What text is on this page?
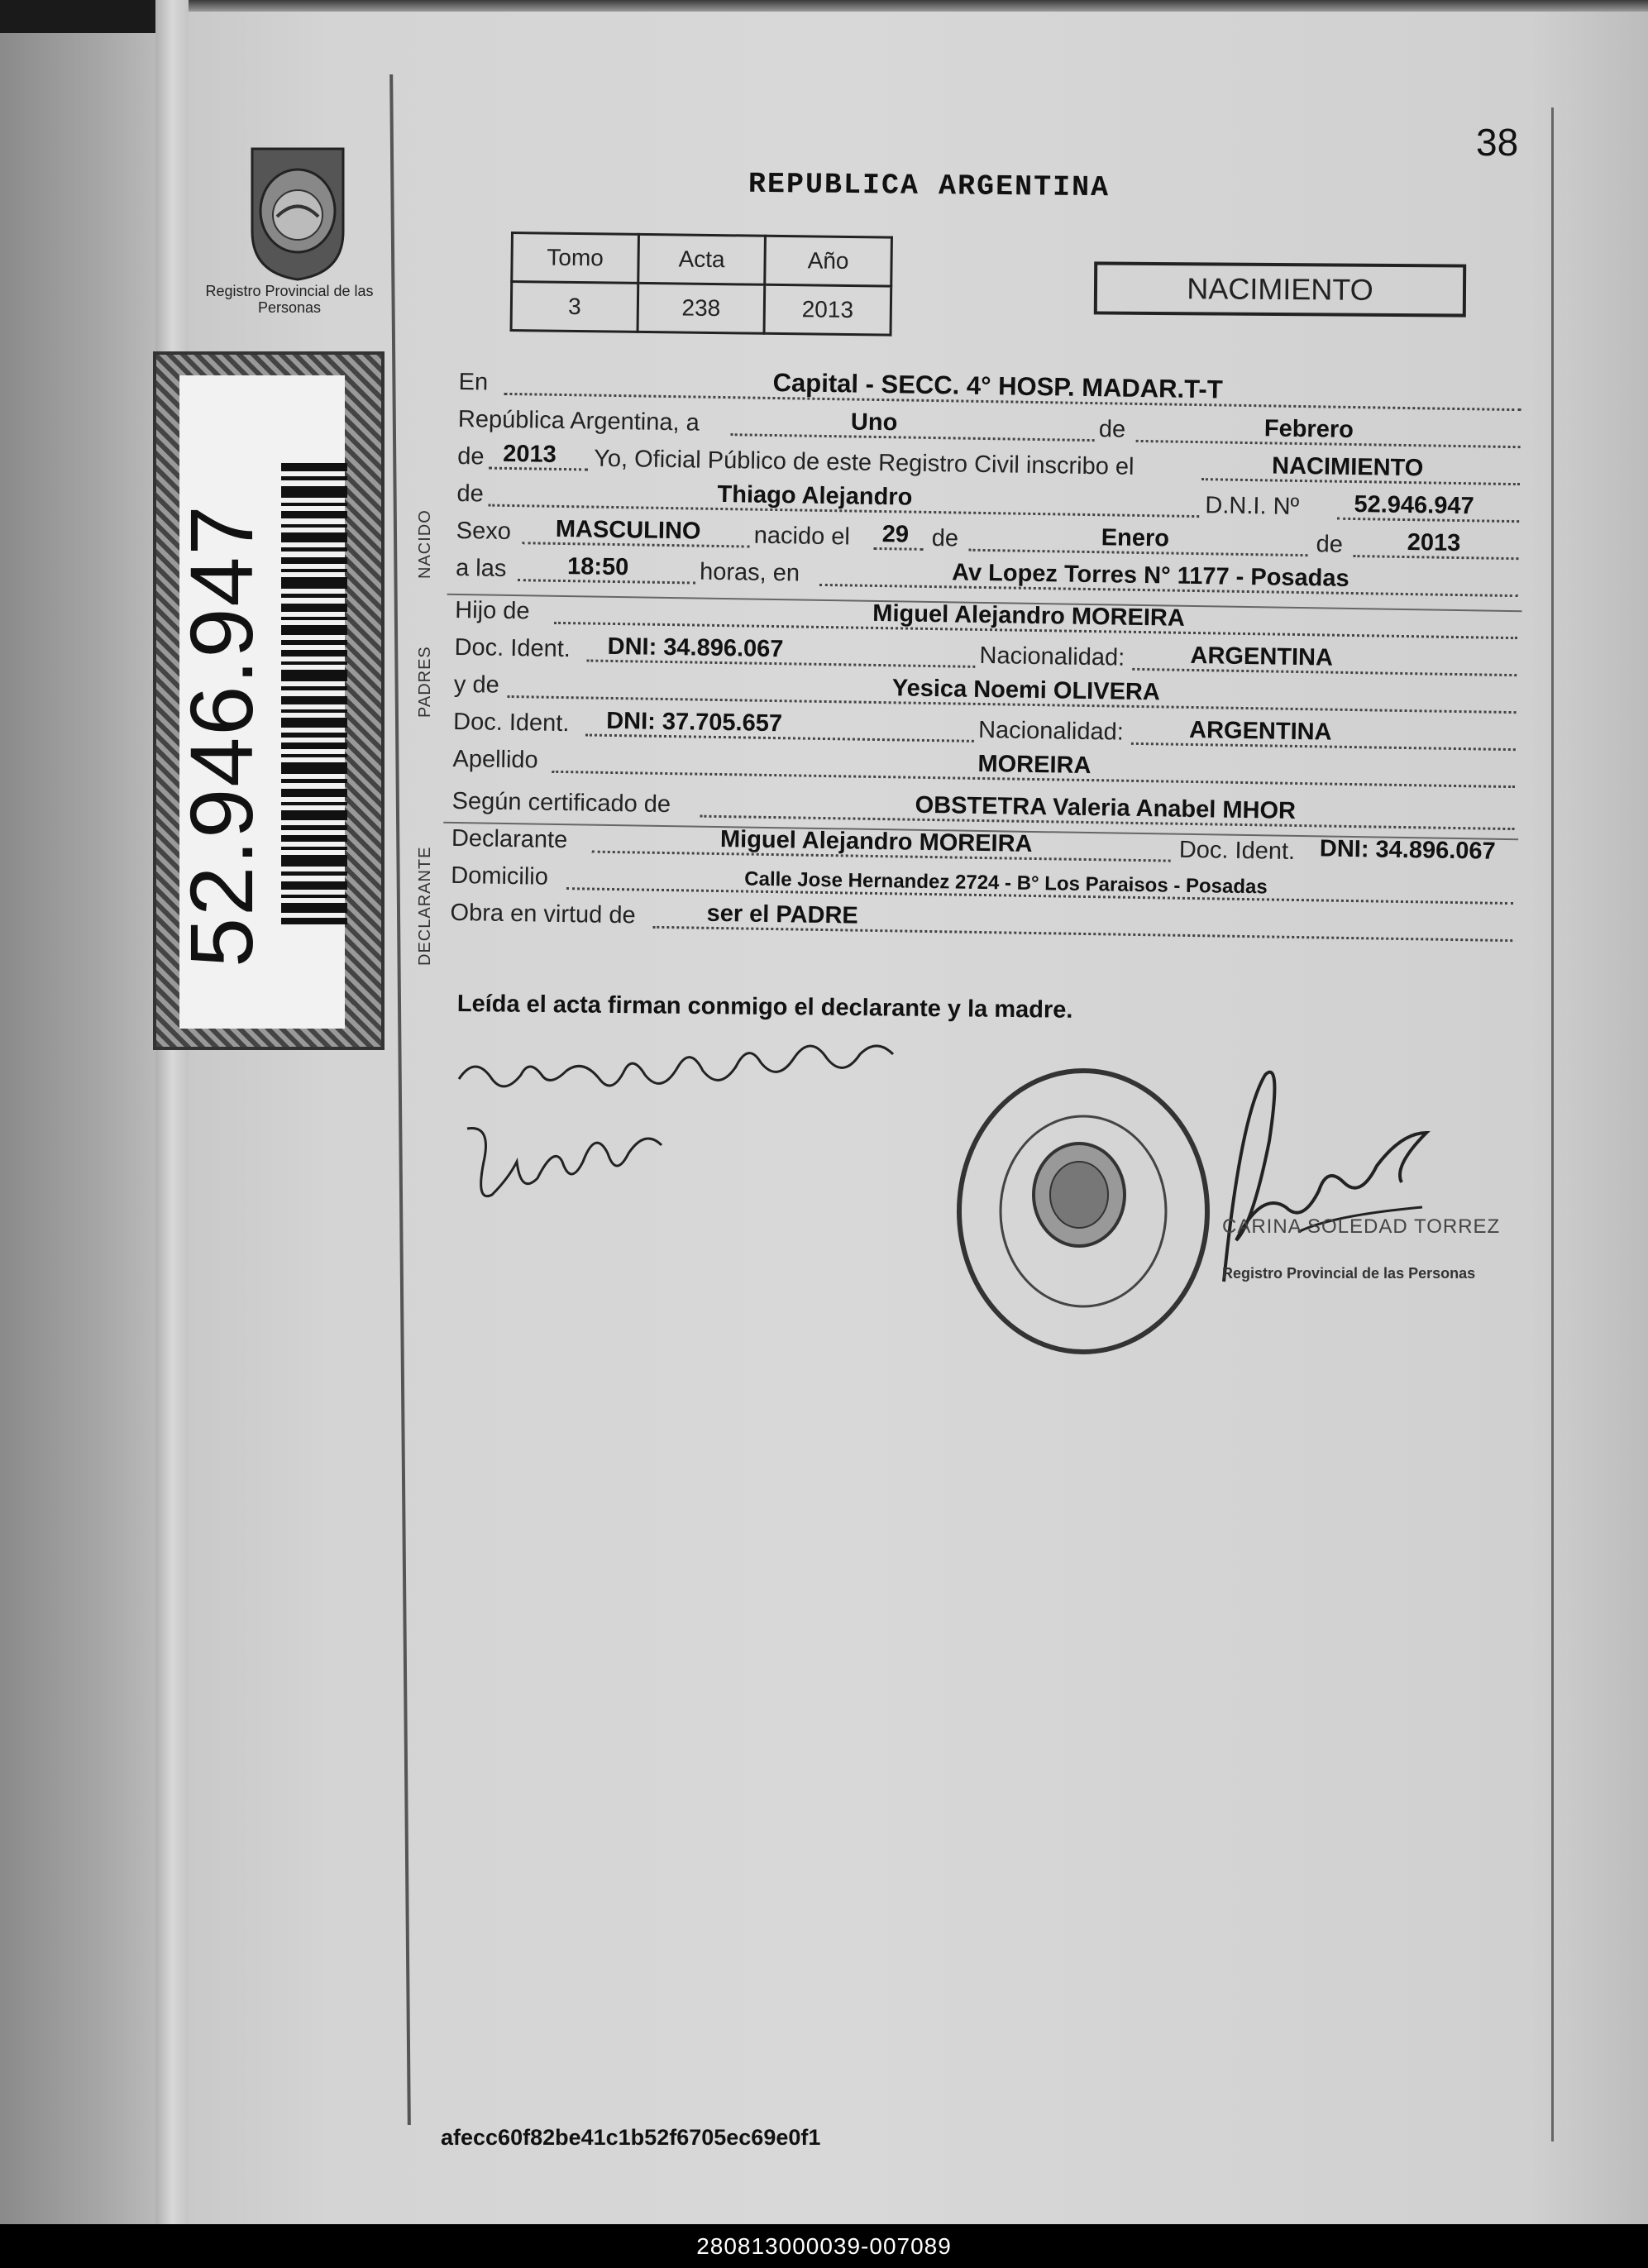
Registro Provincial de las Personas
52.946.947
38
REPUBLICA ARGENTINA
Tomo	Acta	Año
3	238	2013
NACIMIENTO
NACIDO
PADRES
DECLARANTE
En	Capital - SECC. 4° HOSP. MADAR.T-T
República Argentina, a	Uno	de	Febrero
de 2013 Yo, Oficial Público de este Registro Civil inscribo el	NACIMIENTO
de	Thiago Alejandro	D.N.I. Nº 52.946.947
Sexo MASCULINO nacido el 29 de	Enero	de	2013
a las	18:50	horas, en	Av Lopez Torres N° 1177 - Posadas
Hijo de	Miguel Alejandro MOREIRA
Doc. Ident. DNI: 34.896.067	Nacionalidad:	ARGENTINA
y de	Yesica Noemi OLIVERA
Doc. Ident. DNI: 37.705.657	Nacionalidad:	ARGENTINA
Apellido	MOREIRA
Según certificado de	OBSTETRA Valeria Anabel MHOR
Declarante	Miguel Alejandro MOREIRA	Doc. Ident. DNI: 34.896.067
Domicilio	Calle Jose Hernandez 2724 - B° Los Paraisos - Posadas
Obra en virtud de	ser el PADRE
Leída el acta firman conmigo el declarante y la madre.
CARINA SOLEDAD TORREZ
Registro Provincial de las Personas
afecc60f82be41c1b52f6705ec69e0f1
280813000039-007089
